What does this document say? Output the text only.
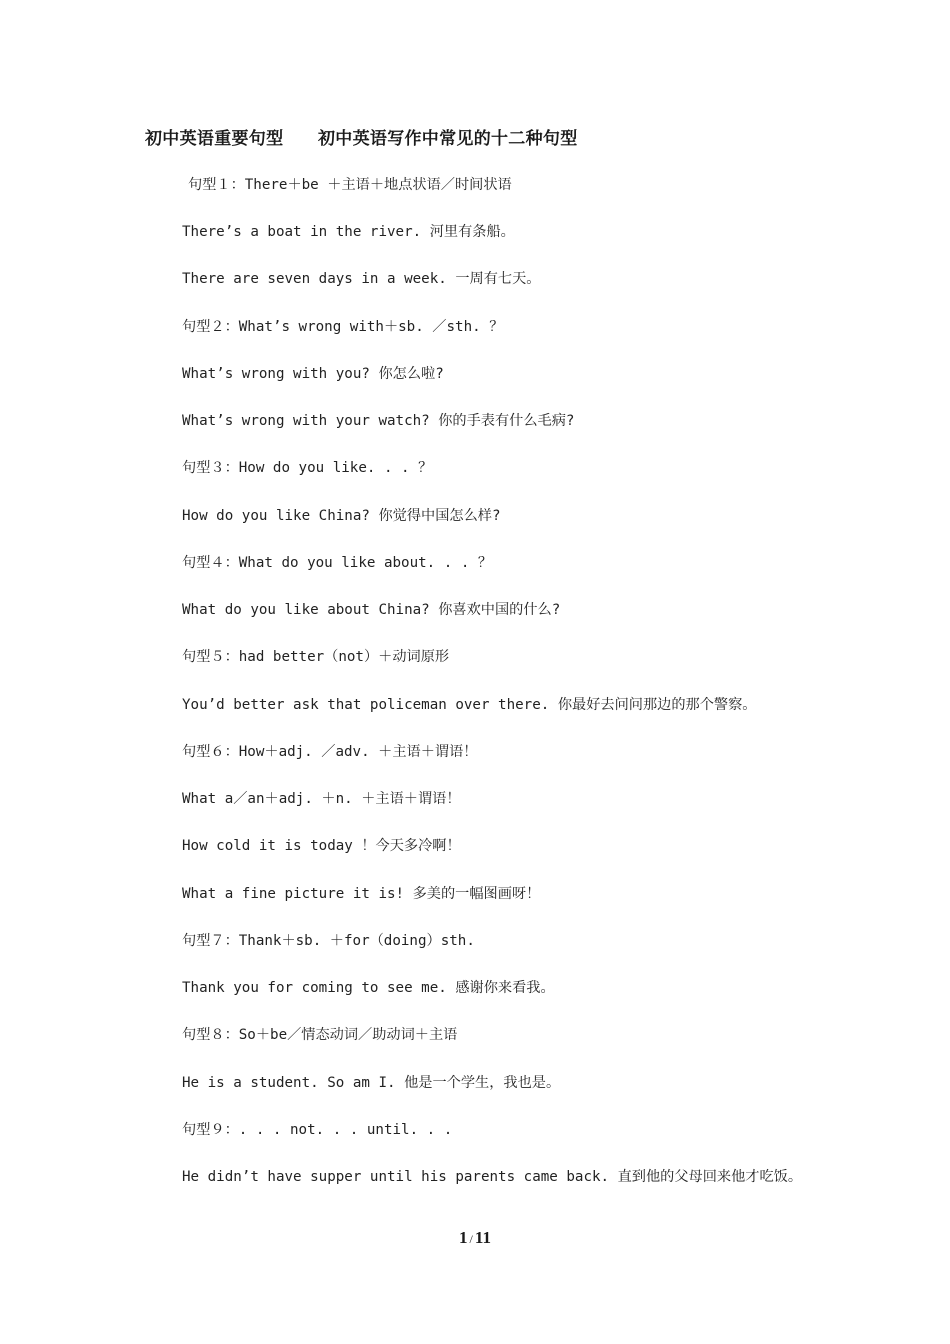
初中英语重要句型　　初中英语写作中常见的十二种句型
句型１：There＋be ＋主语＋地点状语／时间状语
There’s a boat in the river. 河里有条船。
There are seven days in a week. 一周有七天。
句型２：What’s wrong with＋sb. ／sth. ？
What’s wrong with you? 你怎么啦?
What’s wrong with your watch? 你的手表有什么毛病?
句型３：How do you like. . . ？
How do you like China? 你觉得中国怎么样?
句型４：What do you like about. . . ？
What do you like about China? 你喜欢中国的什么?
句型５：had better（not）＋动词原形
You’d better ask that policeman over there. 你最好去问问那边的那个警察。
句型６：How＋adj. ／adv. ＋主语＋谓语！
What a／an＋adj. ＋n. ＋主语＋谓语！
How cold it is today ！今天多冷啊！
What a fine picture it is! 多美的一幅图画呀！
句型７：Thank＋sb. ＋for（doing）sth.
Thank you for coming to see me. 感谢你来看我。
句型８：So＋be／情态动词／助动词＋主语
He is a student. So am I. 他是一个学生，我也是。
句型９：. . . not. . . until. . .
He didn’t have supper until his parents came back. 直到他的父母回来他才吃饭。
1 / 11
